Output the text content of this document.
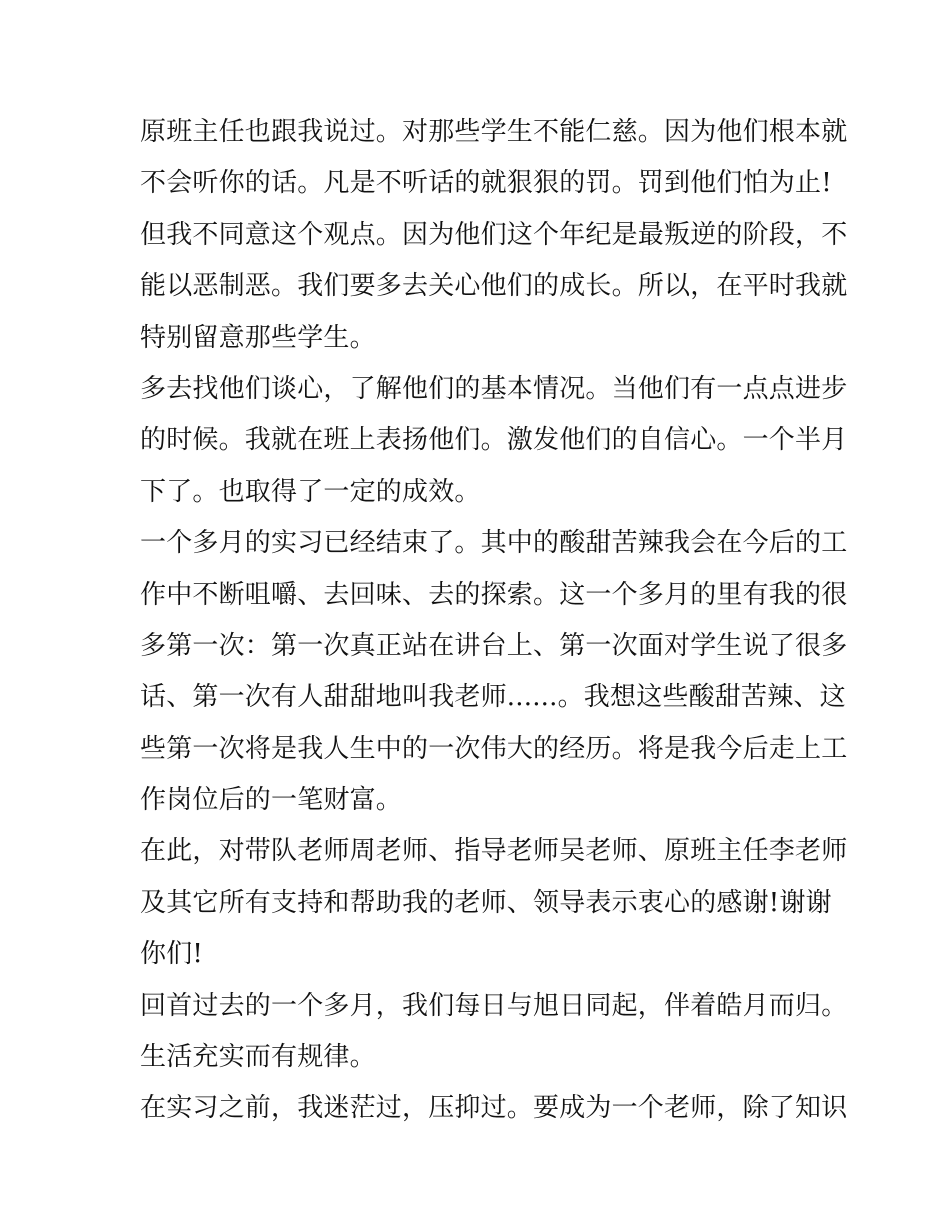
原班主任也跟我说过。对那些学生不能仁慈。因为他们根本就
不会听你的话。凡是不听话的就狠狠的罚。罚到他们怕为止!
但我不同意这个观点。因为他们这个年纪是最叛逆的阶段，不
能以恶制恶。我们要多去关心他们的成长。所以，在平时我就
特别留意那些学生。
多去找他们谈心，了解他们的基本情况。当他们有一点点进步
的时候。我就在班上表扬他们。激发他们的自信心。一个半月
下了。也取得了一定的成效。
一个多月的实习已经结束了。其中的酸甜苦辣我会在今后的工
作中不断咀嚼、去回味、去的探索。这一个多月的里有我的很
多第一次：第一次真正站在讲台上、第一次面对学生说了很多
话、第一次有人甜甜地叫我老师......。我想这些酸甜苦辣、这
些第一次将是我人生中的一次伟大的经历。将是我今后走上工
作岗位后的一笔财富。
在此，对带队老师周老师、指导老师吴老师、原班主任李老师
及其它所有支持和帮助我的老师、领导表示衷心的感谢!谢谢
你们!
回首过去的一个多月，我们每日与旭日同起，伴着皓月而归。
生活充实而有规律。
在实习之前，我迷茫过，压抑过。要成为一个老师，除了知识
